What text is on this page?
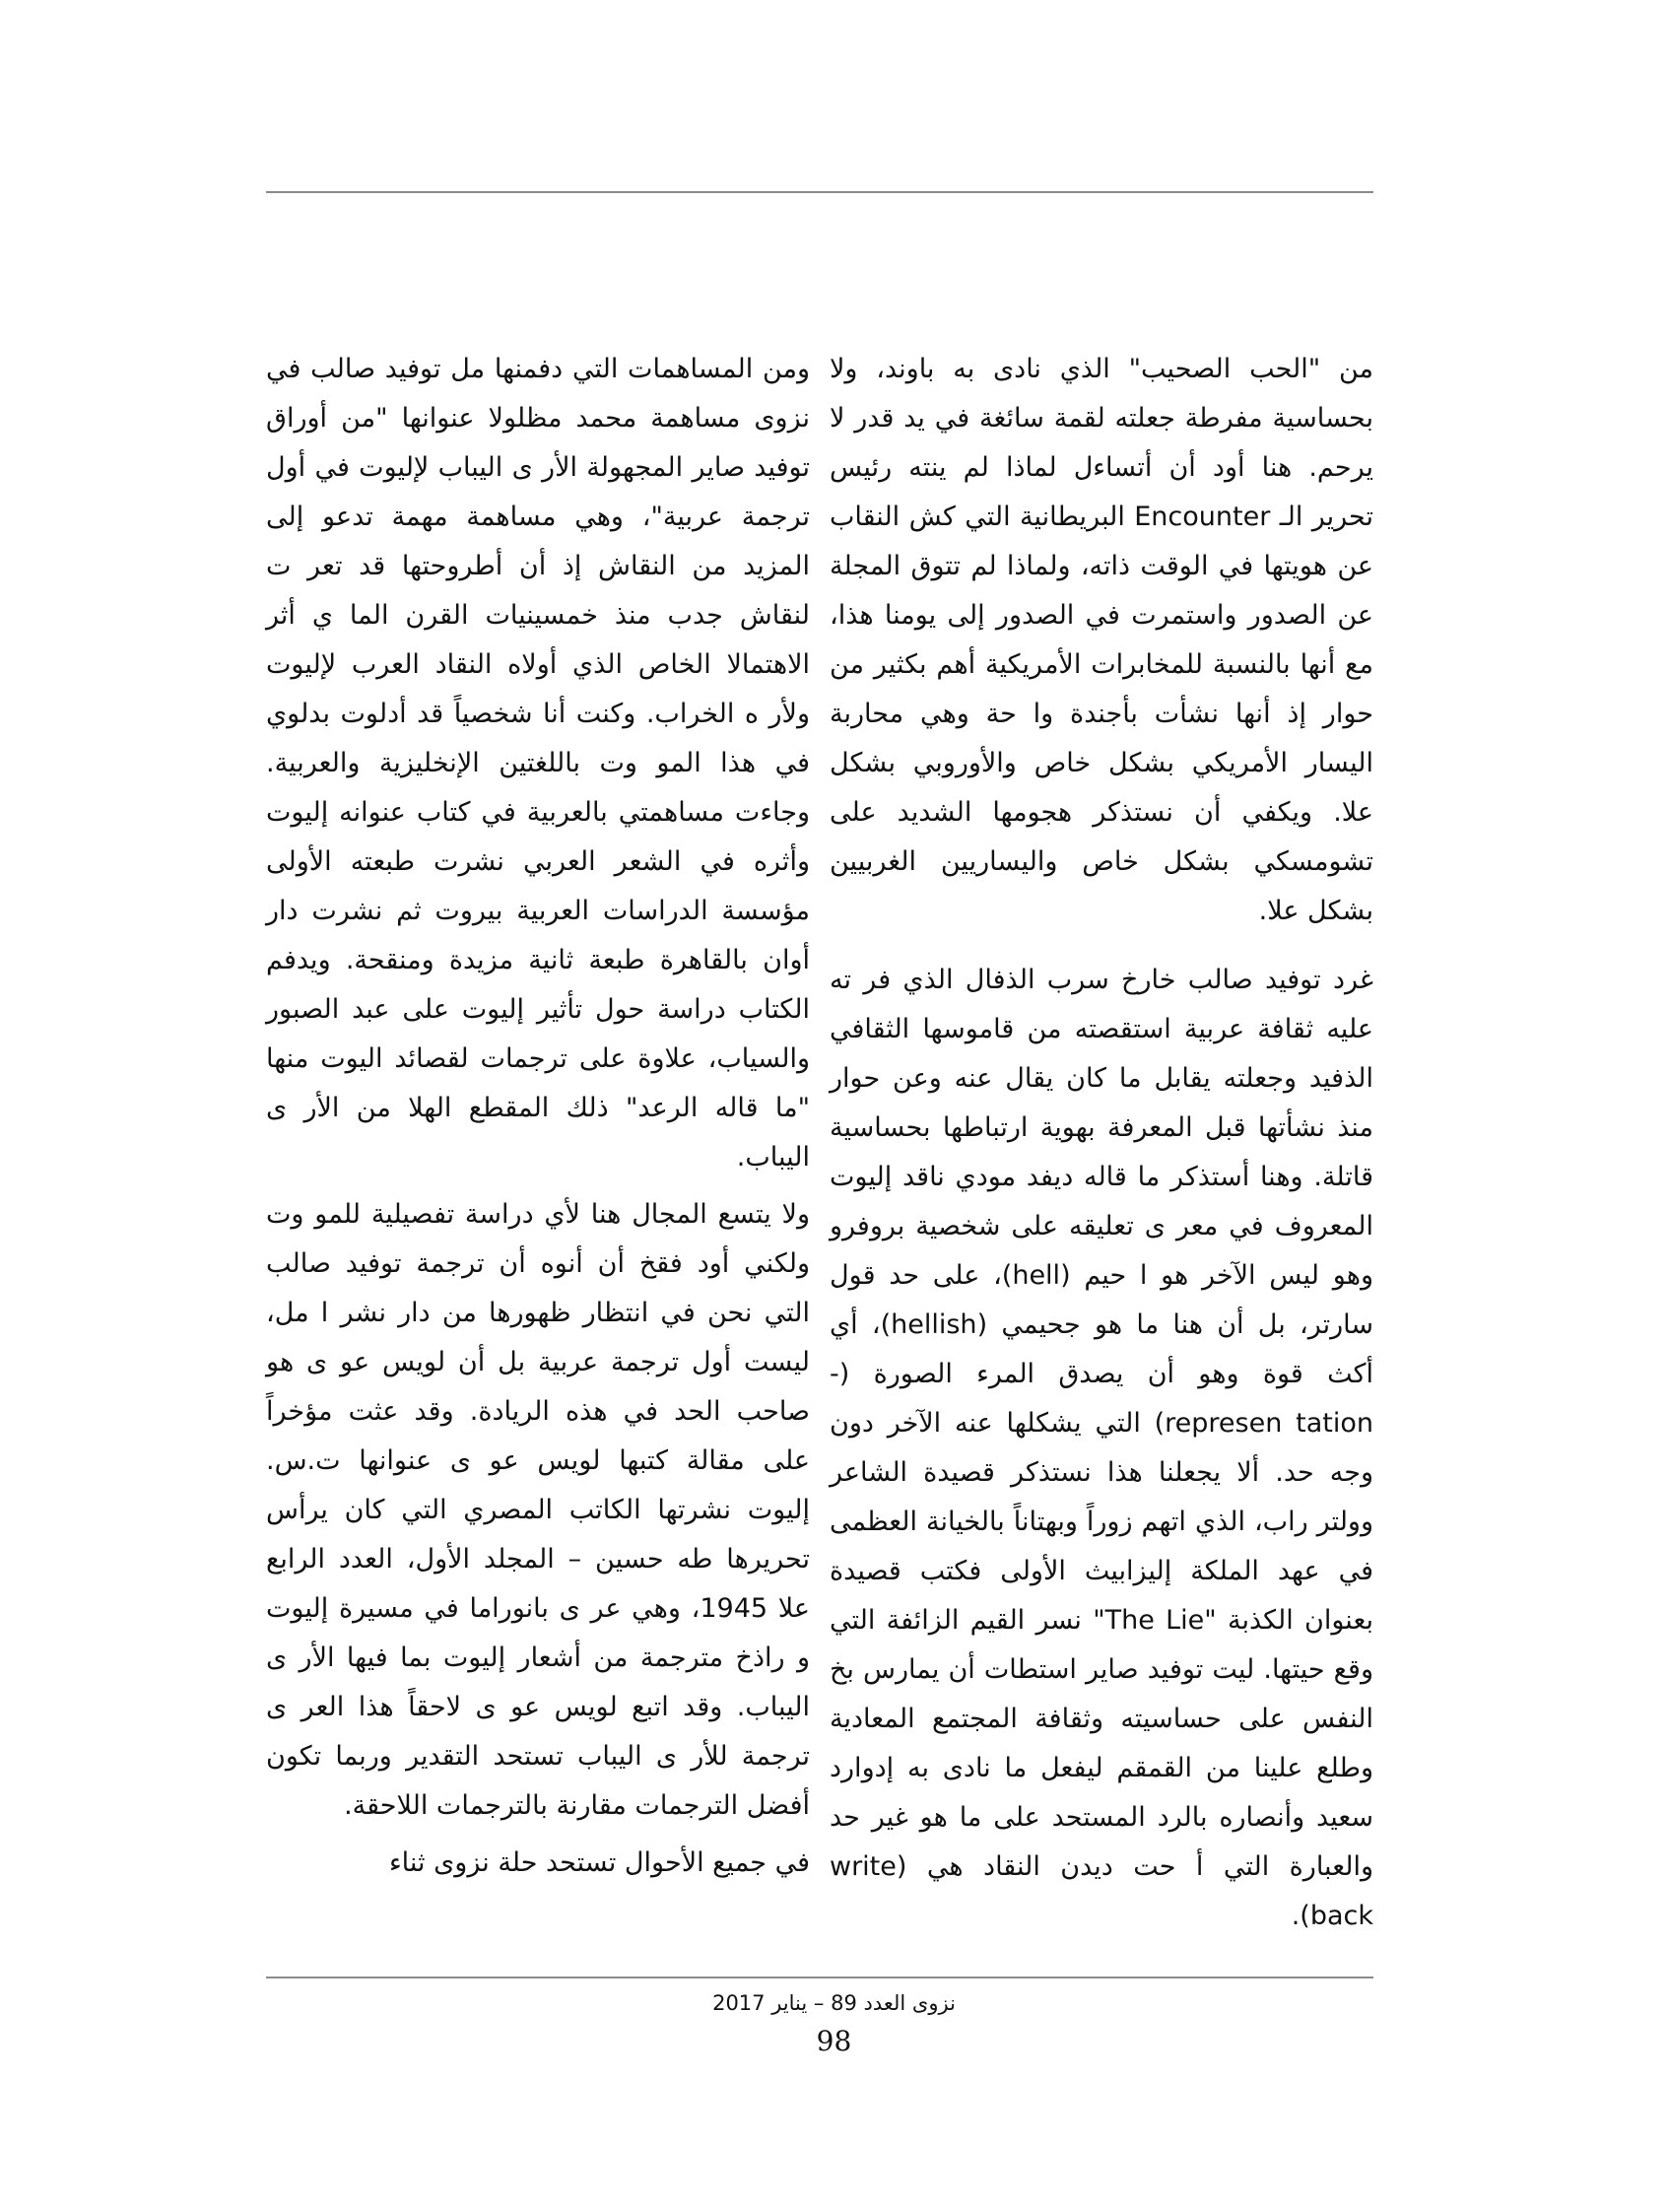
من "الحب الصحيب" الذي نادى به باوند، ولا بحساسية مفرطة جعلته لقمة سائغة في يد قدر لا يرحم. هنا أود أن أتساءل لماذا لم ينته رئيس تحرير الـ Encounter البريطانية التي كش النقاب عن هويتها في الوقت ذاته، ولماذا لم تتوق المجلة عن الصدور واستمرت في الصدور إلى يومنا هذا، مع أنها بالنسبة للمخابرات الأمريكية أهم بكثير من حوار إذ أنها نشأت بأجندة وا حة وهي محاربة اليسار الأمريكي بشكل خاص والأوروبي بشكل علا. ويكفي أن نستذكر هجومها الشديد على تشومسكي بشكل خاص واليساريين الغربيين بشكل علا.

غرد توفيد صالب خارخ سرب الذفال الذي فر ته عليه ثقافة عربية استقصته من قاموسها الثقافي الذفيد وجعلته يقابل ما كان يقال عنه وعن حوار منذ نشأتها قبل المعرفة بهوية ارتباطها بحساسية قاتلة. وهنا أستذكر ما قاله ديفد مودي ناقد إليوت المعروف في معر ى تعليقه على شخصية بروفرو وهو ليس الآخر هو ا حيم (hell)، على حد قول سارتر، بل أن هنا ما هو جحيمي (hellish)، أي أكث قوة وهو أن يصدق المرء الصورة (-represen tation) التي يشكلها عنه الآخر دون وجه حد. ألا يجعلنا هذا نستذكر قصيدة الشاعر وولتر راب، الذي اتهم زوراً وبهتاناً بالخيانة العظمى في عهد الملكة إليزابيث الأولى فكتب قصيدة بعنوان الكذبة "The Lie" نسر القيم الزائفة التي وقع حيتها. ليت توفيد صاير استطات أن يمارس بخ النفس على حساسيته وثقافة المجتمع المعادية وطلع علينا من القمقم ليفعل ما نادى به إدوارد سعيد وأنصاره بالرد المستحد على ما هو غير حد والعبارة التي أ حت ديدن النقاد هي (write back).

ومن المساهمات التي دفمنها مل توفيد صالب في نزوى مساهمة محمد مظلولا عنوانها "من أوراق توفيد صاير المجهولة الأر ى اليباب لإليوت في أول ترجمة عربية"، وهي مساهمة مهمة تدعو إلى المزيد من النقاش إذ أن أطروحتها قد تعر ت لنقاش جدب منذ خمسينيات القرن الما ي أثر الاهتمالا الخاص الذي أولاه النقاد العرب لإليوت ولأر ه الخراب. وكنت أنا شخصياً قد أدلوت بدلوي في هذا المو وت باللغتين الإنخليزية والعربية. وجاءت مساهمتي بالعربية في كتاب عنوانه إليوت وأثره في الشعر العربي نشرت طبعته الأولى مؤسسة الدراسات العربية بيروت ثم نشرت دار أوان بالقاهرة طبعة ثانية مزيدة ومنقحة. ويدفم الكتاب دراسة حول تأثير إليوت على عبد الصبور والسياب، علاوة على ترجمات لقصائد اليوت منها "ما قاله الرعد" ذلك المقطع الهلا من الأر ى اليباب.

ولا يتسع المجال هنا لأي دراسة تفصيلية للمو وت ولكني أود فقخ أن أنوه أن ترجمة توفيد صالب التي نحن في انتظار ظهورها من دار نشر ا مل، ليست أول ترجمة عربية بل أن لويس عو ى هو صاحب الحد في هذه الريادة. وقد عثت مؤخراً على مقالة كتبها لويس عو ى عنوانها ت.س. إليوت نشرتها الكاتب المصري التي كان يرأس تحريرها طه حسين – المجلد الأول، العدد الرابع علا 1945، وهي عر ى بانوراما في مسيرة إليوت و راذخ مترجمة من أشعار إليوت بما فيها الأر ى اليباب. وقد اتبع لويس عو ى لاحقاً هذا العر ى ترجمة للأر ى اليباب تستحد التقدير وربما تكون أفضل الترجمات مقارنة بالترجمات اللاحقة.

في جميع الأحوال تستحد حلة نزوى ثناء

نزوى العدد 89 – يناير 2017
98
